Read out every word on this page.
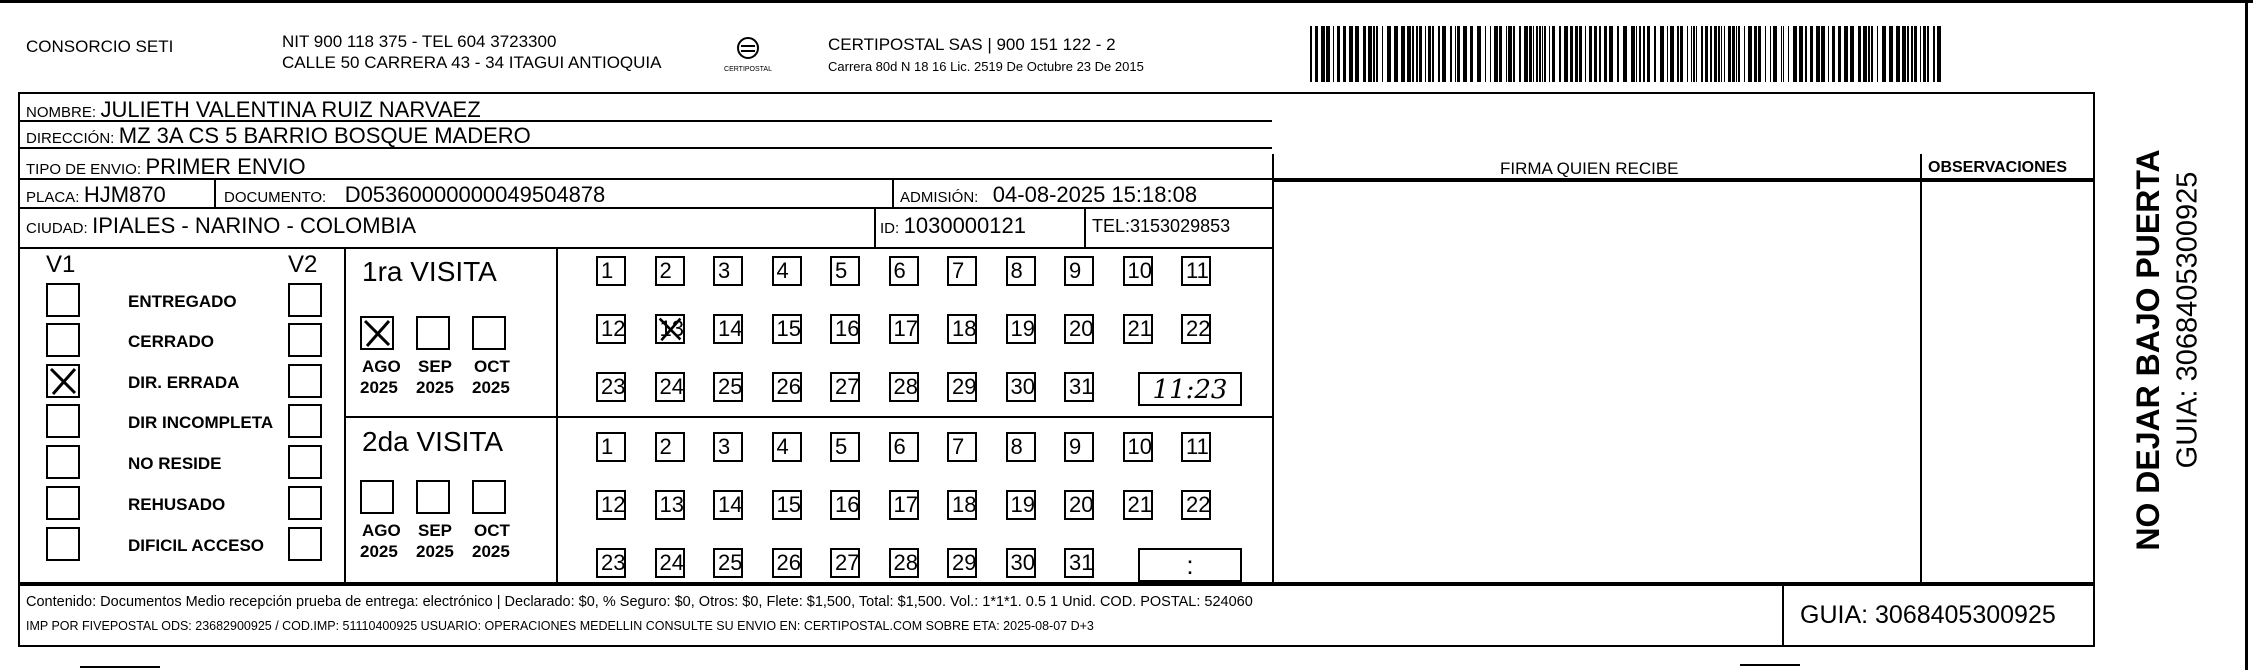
CONSORCIO SETI	NIT 900 118 375 - TEL 604 3723300
CALLE 50 CARRERA 43 - 34 ITAGUI ANTIOQUIA	CERTIPOSTAL
CERTIPOSTAL SAS | 900 151 122 - 2
Carrera 80d N 18 16 Lic. 2519 De Octubre 23 De 2015
NOMBRE: JULIETH VALENTINA RUIZ NARVAEZ
DIRECCIÓN: MZ 3A CS 5 BARRIO BOSQUE MADERO
TIPO DE ENVIO: PRIMER ENVIO
PLACA: HJM870	DOCUMENTO: D05360000000049504878	ADMISIÓN: 04-08-2025 15:18:08
CIUDAD: IPIALES - NARINO - COLOMBIA	ID: 1030000121	TEL:3153029853
FIRMA QUIEN RECIBE	OBSERVACIONES
V1	V2
ENTREGADO
CERRADO
DIR. ERRADA
DIR INCOMPLETA
NO RESIDE
REHUSADO
DIFICIL ACCESO
1ra VISITA
AGO
2025
SEP
2025
OCT
2025
1	2	3	4	5	6	7	8	9	10 11
12 13 14 15 16 17 18 19 20 21 22
23 24 25 26 27 28 29 30 31	11:23
2da VISITA
AGO
2025
SEP
2025
OCT
2025
1	2	3	4	5	6	7	8	9	10 11
12 13 14 15 16 17 18 19 20 21 22
23 24 25 26 27 28 29 30 31	:
Contenido: Documentos Medio recepción prueba de entrega: electrónico | Declarado: $0, % Seguro: $0, Otros: $0, Flete: $1,500, Total: $1,500. Vol.: 1*1*1. 0.5 1 Unid. COD. POSTAL: 524060
IMP POR FIVEPOSTAL ODS: 23682900925 / COD.IMP: 51110400925 USUARIO: OPERACIONES MEDELLIN CONSULTE SU ENVIO EN: CERTIPOSTAL.COM SOBRE ETA: 2025-08-07 D+3	GUIA: 3068405300925
NO DEJAR BAJO PUERTA GUIA: 3068405300925
